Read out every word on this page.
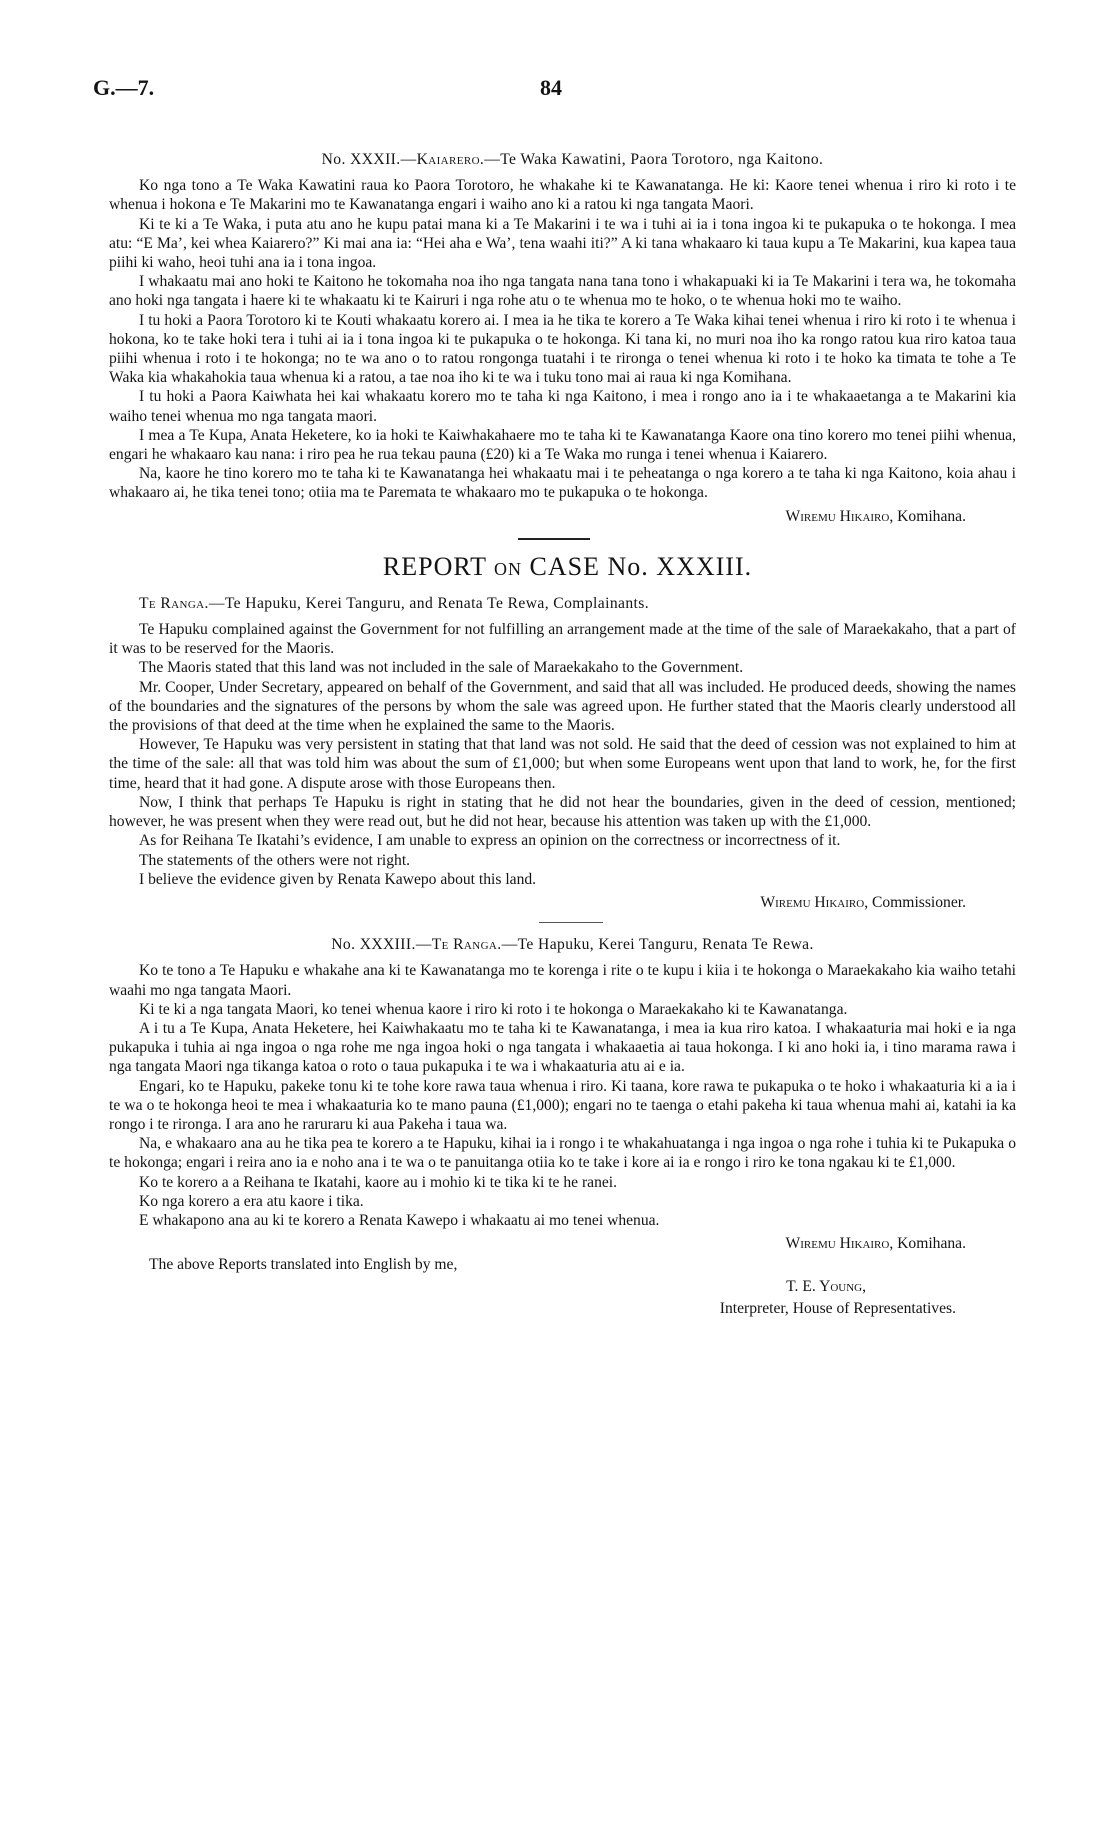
G.—7.	84
No. XXXII.—Kaiarero.—Te Waka Kawatini, Paora Torotoro, nga Kaitono.

Ko nga tono a Te Waka Kawatini raua ko Paora Torotoro, he whakahe ki te Kawanatanga. He ki: Kaore tenei whenua i riro ki roto i te whenua i hokona e Te Makarini mo te Kawanatanga engari i waiho ano ki a ratou ki nga tangata Maori.

Ki te ki a Te Waka, i puta atu ano he kupu patai mana ki a Te Makarini i te wa i tuhi ai ia i tona ingoa ki te pukapuka o te hokonga. I mea atu: “E Ma’, kei whea Kaiarero?” Ki mai ana ia: “Hei aha e Wa’, tena waahi iti?” A ki tana whakaaro ki taua kupu a Te Makarini, kua kapea taua piihi ki waho, heoi tuhi ana ia i tona ingoa.

I whakaatu mai ano hoki te Kaitono he tokomaha noa iho nga tangata nana tana tono i whakapuaki ki ia Te Makarini i tera wa, he tokomaha ano hoki nga tangata i haere ki te whakaatu ki te Kairuri i nga rohe atu o te whenua mo te hoko, o te whenua hoki mo te waiho.

I tu hoki a Paora Torotoro ki te Kouti whakaatu korero ai. I mea ia he tika te korero a Te Waka kihai tenei whenua i riro ki roto i te whenua i hokona, ko te take hoki tera i tuhi ai ia i tona ingoa ki te pukapuka o te hokonga. Ki tana ki, no muri noa iho ka rongo ratou kua riro katoa taua piihi whenua i roto i te hokonga; no te wa ano o to ratou rongonga tuatahi i te rironga o tenei whenua ki roto i te hoko ka timata te tohe a Te Waka kia whakahokia taua whenua ki a ratou, a tae noa iho ki te wa i tuku tono mai ai raua ki nga Komihana.

I tu hoki a Paora Kaiwhata hei kai whakaatu korero mo te taha ki nga Kaitono, i mea i rongo ano ia i te whakaaetanga a te Makarini kia waiho tenei whenua mo nga tangata maori.

I mea a Te Kupa, Anata Heketere, ko ia hoki te Kaiwhakahaere mo te taha ki te Kawanatanga Kaore ona tino korero mo tenei piihi whenua, engari he whakaaro kau nana: i riro pea he rua tekau pauna (£20) ki a Te Waka mo runga i tenei whenua i Kaiarero.

Na, kaore he tino korero mo te taha ki te Kawanatanga hei whakaatu mai i te peheatanga o nga korero a te taha ki nga Kaitono, koia ahau i whakaaro ai, he tika tenei tono; otiia ma te Paremata te whakaaro mo te pukapuka o te hokonga.

Wiremu Hikairo, Komihana.
REPORT ON CASE No. XXXIII.
Te Ranga.—Te Hapuku, Kerei Tanguru, and Renata Te Rewa, Complainants.

Te Hapuku complained against the Government for not fulfilling an arrangement made at the time of the sale of Maraekakaho, that a part of it was to be reserved for the Maoris.

The Maoris stated that this land was not included in the sale of Maraekakaho to the Government.

Mr. Cooper, Under Secretary, appeared on behalf of the Government, and said that all was included. He produced deeds, showing the names of the boundaries and the signatures of the persons by whom the sale was agreed upon. He further stated that the Maoris clearly understood all the provisions of that deed at the time when he explained the same to the Maoris.

However, Te Hapuku was very persistent in stating that that land was not sold. He said that the deed of cession was not explained to him at the time of the sale: all that was told him was about the sum of £1,000; but when some Europeans went upon that land to work, he, for the first time, heard that it had gone. A dispute arose with those Europeans then.

Now, I think that perhaps Te Hapuku is right in stating that he did not hear the boundaries, given in the deed of cession, mentioned; however, he was present when they were read out, but he did not hear, because his attention was taken up with the £1,000.

As for Reihana Te Ikatahi’s evidence, I am unable to express an opinion on the correctness or incorrectness of it.

The statements of the others were not right.

I believe the evidence given by Renata Kawepo about this land.

Wiremu Hikairo, Commissioner.
No. XXXIII.—Te Ranga.—Te Hapuku, Kerei Tanguru, Renata Te Rewa.

Ko te tono a Te Hapuku e whakahe ana ki te Kawanatanga mo te korenga i rite o te kupu i kiia i te hokonga o Maraekakaho kia waiho tetahi waahi mo nga tangata Maori.

Ki te ki a nga tangata Maori, ko tenei whenua kaore i riro ki roto i te hokonga o Maraekakaho ki te Kawanatanga.

A i tu a Te Kupa, Anata Heketere, hei Kaiwhakaatu mo te taha ki te Kawanatanga, i mea ia kua riro katoa. I whakaaturia mai hoki e ia nga pukapuka i tuhia ai nga ingoa o nga rohe me nga ingoa hoki o nga tangata i whakaaetia ai taua hokonga. I ki ano hoki ia, i tino marama rawa i nga tangata Maori nga tikanga katoa o roto o taua pukapuka i te wa i whakaaturia atu ai e ia.

Engari, ko te Hapuku, pakeke tonu ki te tohe kore rawa taua whenua i riro. Ki taana, kore rawa te pukapuka o te hoko i whakaaturia ki a ia i te wa o te hokonga heoi te mea i whakaaturia ko te mano pauna (£1,000); engari no te taenga o etahi pakeha ki taua whenua mahi ai, katahi ia ka rongo i te rironga. I ara ano he raruraru ki aua Pakeha i taua wa.

Na, e whakaaro ana au he tika pea te korero a te Hapuku, kihai ia i rongo i te whakahuatanga i nga ingoa o nga rohe i tuhia ki te Pukapuka o te hokonga; engari i reira ano ia e noho ana i te wa o te panuitanga otiia ko te take i kore ai ia e rongo i riro ke tona ngakau ki te £1,000.

Ko te korero a a Reihana te Ikatahi, kaore au i mohio ki te tika ki te he ranei.

Ko nga korero a era atu kaore i tika.

E whakapono ana au ki te korero a Renata Kawepo i whakaatu ai mo tenei whenua.

Wiremu Hikairo, Komihana.
The above Reports translated into English by me,
T. E. Young,
Interpreter, House of Representatives.
